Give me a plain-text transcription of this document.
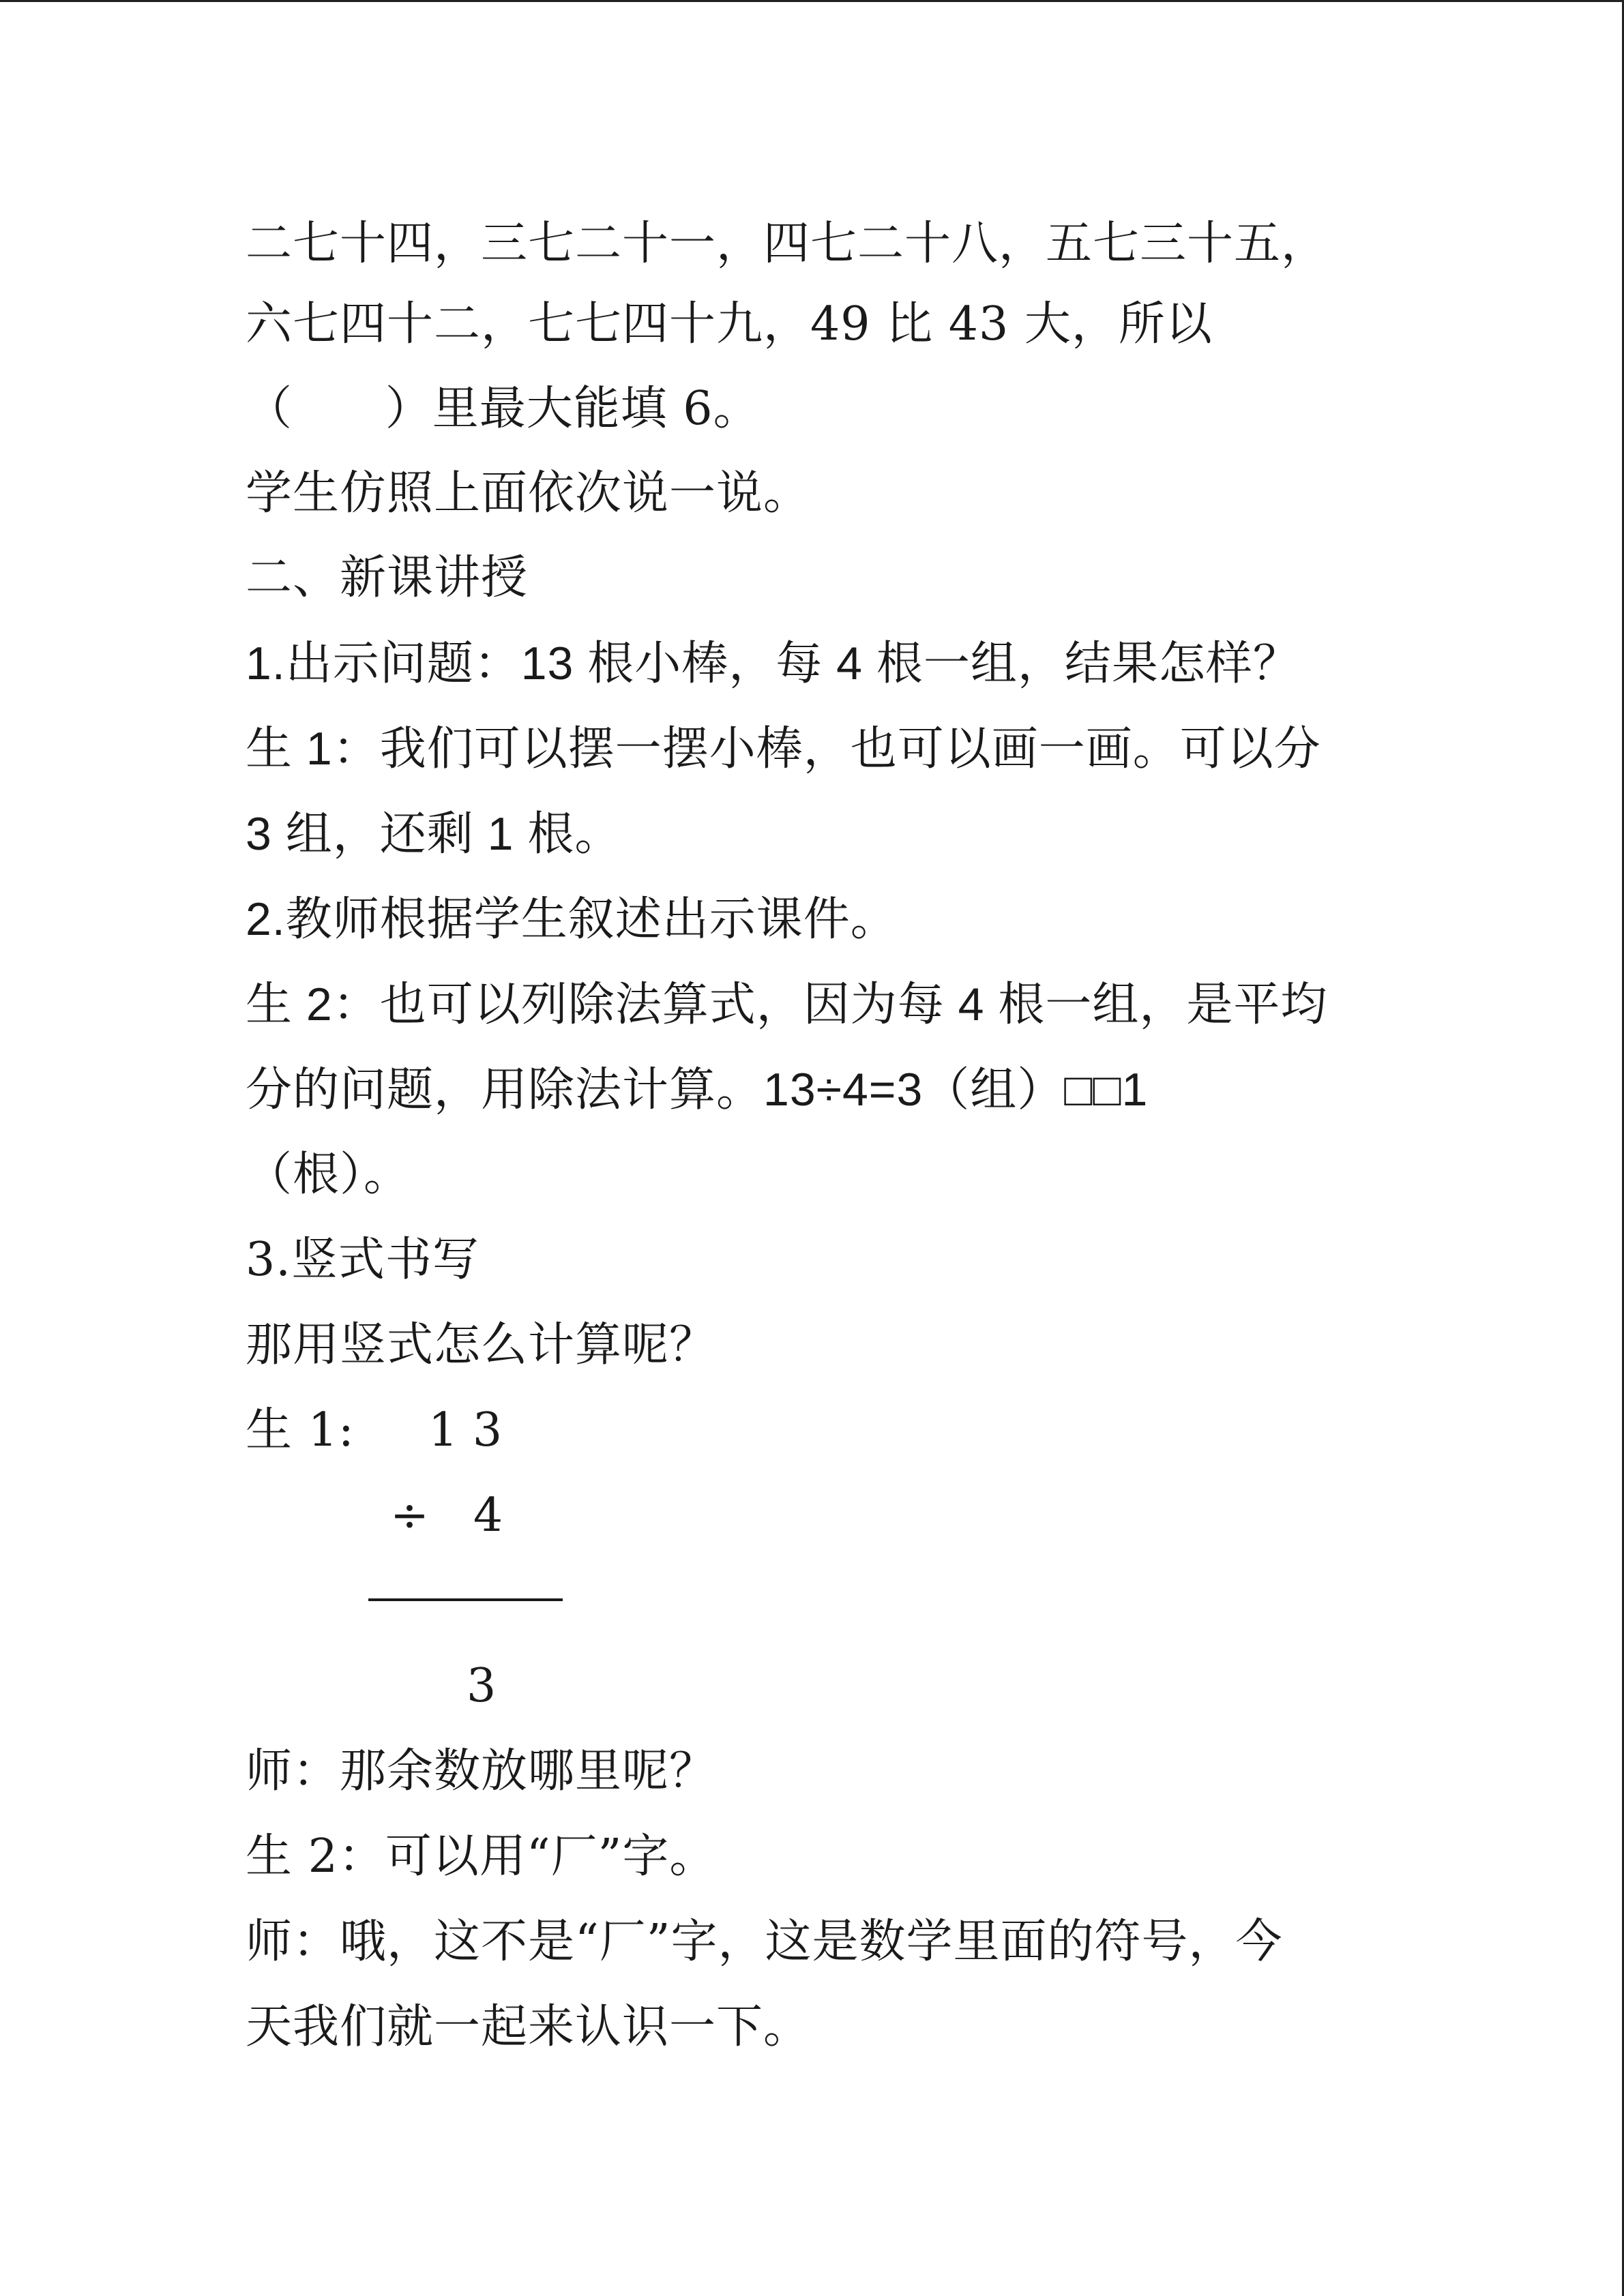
二七十四，三七二十一，四七二十八，五七三十五，
六七四十二，七七四十九，49 比 43 大，所以
（      ）里最大能填 6。
学生仿照上面依次说一说。
二、新课讲授
1.出示问题：13 根小棒，每 4 根一组，结果怎样？
生 1：我们可以摆一摆小棒，也可以画一画。可以分
3 组，还剩 1 根。
2.教师根据学生叙述出示课件。
生 2：也可以列除法算式，因为每 4 根一组，是平均
分的问题，用除法计算。13÷4=3（组）□□1
（根）。
3.竖式书写
那用竖式怎么计算呢？
生 1: 1 3
÷   4
3
师：那余数放哪里呢？
生 2：可以用“厂”字。
师：哦，这不是“厂”字，这是数学里面的符号，今
天我们就一起来认识一下。
